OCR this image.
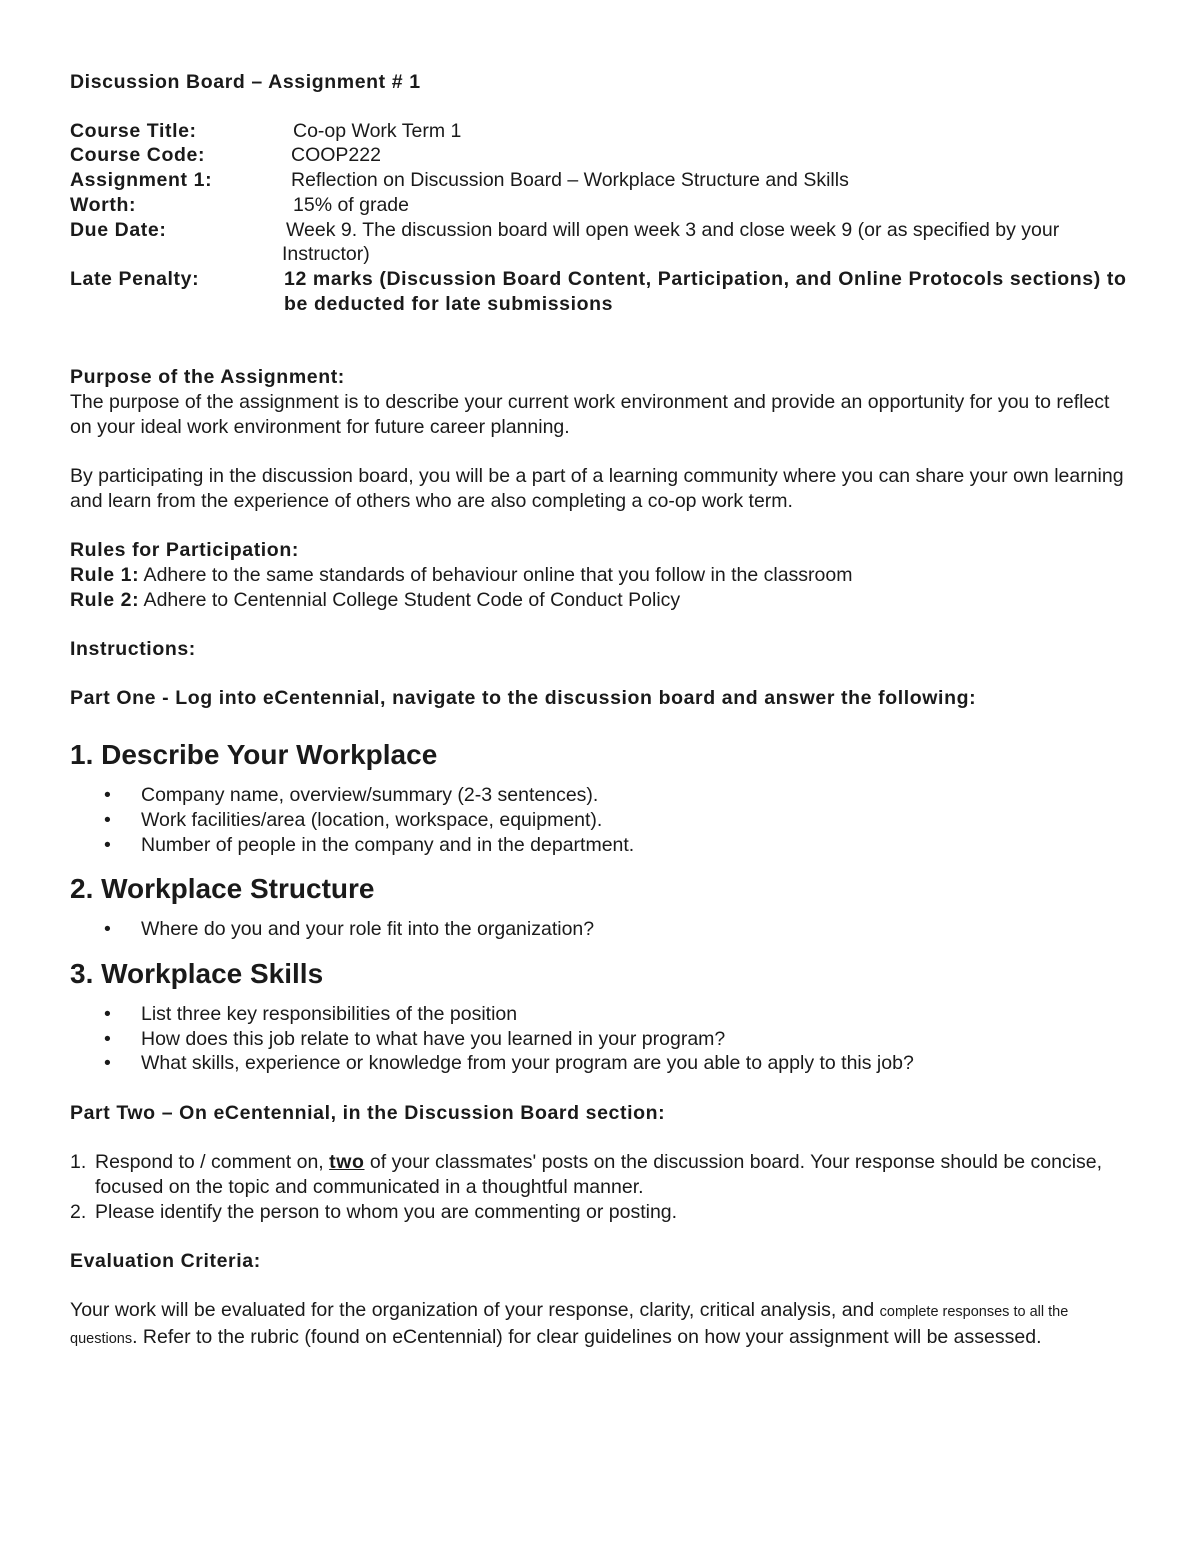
Discussion Board – Assignment # 1

Course Title:	Co-op Work Term 1
Course Code:	COOP222
Assignment 1:	Reflection on Discussion Board – Workplace Structure and Skills
Worth:	15% of grade
Due Date:	Week 9. The discussion board will open week 3 and close week 9 (or as specified by your Instructor)
Late Penalty:	12 marks (Discussion Board Content, Participation, and Online Protocols sections) to be deducted for late submissions

Purpose of the Assignment:

The purpose of the assignment is to describe your current work environment and provide an opportunity for you to reflect on your ideal work environment for future career planning.

By participating in the discussion board, you will be a part of a learning community where you can share your own learning and learn from the experience of others who are also completing a co-op work term.

Rules for Participation:

Rule 1: Adhere to the same standards of behaviour online that you follow in the classroom

Rule 2: Adhere to Centennial College Student Code of Conduct Policy

Instructions:

Part One - Log into eCentennial, navigate to the discussion board and answer the following:

1. Describe Your Workplace
• Company name, overview/summary (2-3 sentences).
• Work facilities/area (location, workspace, equipment).
• Number of people in the company and in the department.
2. Workplace Structure
• Where do you and your role fit into the organization?
3. Workplace Skills
• List three key responsibilities of the position
• How does this job relate to what have you learned in your program?
• What skills, experience or knowledge from your program are you able to apply to this job?

Part Two – On eCentennial, in the Discussion Board section:

1. Respond to / comment on, two of your classmates' posts on the discussion board. Your response should be concise, focused on the topic and communicated in a thoughtful manner.
2. Please identify the person to whom you are commenting or posting.

Evaluation Criteria:

Your work will be evaluated for the organization of your response, clarity, critical analysis, and complete responses to all the questions. Refer to the rubric (found on eCentennial) for clear guidelines on how your assignment will be assessed.
